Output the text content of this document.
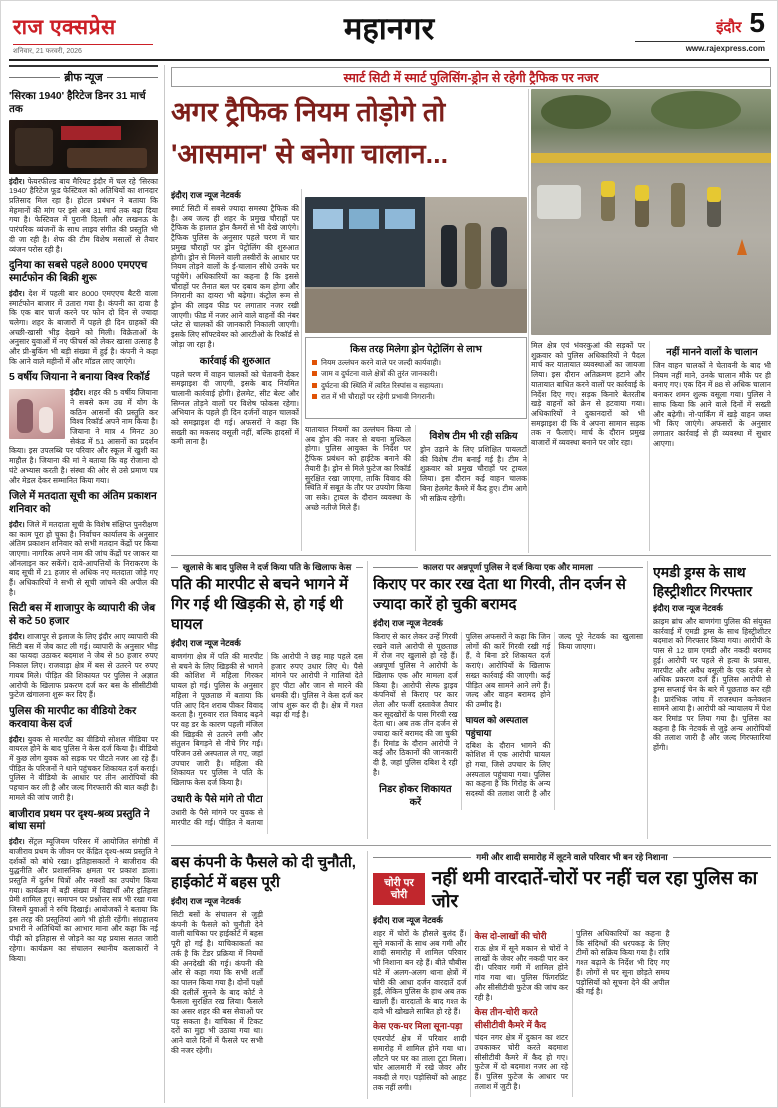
राज एक्सप्रेस
शनिवार, 21 फरवरी, 2026
महानगर	इंदौर 5
www.rajexpress.com
ब्रीफ न्यूज
'सिरका 1940' हैरिटेज डिनर 31 मार्च तक
इंदौर। फेयरफील्ड बाय मैरियट इंदौर में चल रहे 'सिरका 1940' हैरिटेज फूड फेस्टिवल को अतिथियों का शानदार प्रतिसाद मिल रहा है। होटल प्रबंधन ने बताया कि मेहमानों की मांग पर इसे अब 31 मार्च तक बढ़ा दिया गया है। फेस्टिवल में पुरानी दिल्ली और लखनऊ के पारंपरिक व्यंजनों के साथ लाइव संगीत की प्रस्तुति भी दी जा रही है। शेफ की टीम विशेष मसालों से तैयार व्यंजन परोस रही है।
दुनिया का सबसे पहले 8000 एमएएच स्मार्टफोन की बिक्री शुरू
इंदौर। देश में पहली बार 8000 एमएएच बैटरी वाला स्मार्टफोन बाजार में उतारा गया है। कंपनी का दावा है कि एक बार चार्ज करने पर फोन दो दिन से ज्यादा चलेगा। शहर के बाजारों में पहले ही दिन ग्राहकों की अच्छी-खासी भीड़ देखने को मिली। विक्रेताओं के अनुसार युवाओं में नए फीचर्स को लेकर खासा उत्साह है और प्री-बुकिंग भी बड़ी संख्या में हुई है। कंपनी ने कहा कि आने वाले महीनों में और मॉडल लाए जाएंगे।
5 वर्षीय जियाना ने बनाया विश्व रिकॉर्ड
इंदौर। शहर की 5 वर्षीय जियाना ने सबसे कम उम्र में योग के कठिन आसनों की प्रस्तुति कर विश्व रिकॉर्ड अपने नाम किया है। जियाना ने मात्र 4 मिनट 30 सेकंड में 51 आसनों का प्रदर्शन किया। इस उपलब्धि पर परिवार और स्कूल में खुशी का माहौल है। जियाना की मां ने बताया कि वह रोजाना दो घंटे अभ्यास करती है। संस्था की ओर से उसे प्रमाण पत्र और मेडल देकर सम्मानित किया गया।
जिले में मतदाता सूची का अंतिम प्रकाशन शनिवार को
इंदौर। जिले में मतदाता सूची के विशेष संक्षिप्त पुनरीक्षण का काम पूरा हो चुका है। निर्वाचन कार्यालय के अनुसार अंतिम प्रकाशन शनिवार को सभी मतदान केंद्रों पर किया जाएगा। नागरिक अपने नाम की जांच केंद्रों पर जाकर या ऑनलाइन कर सकेंगे। दावे-आपत्तियों के निराकरण के बाद सूची में 21 हजार से अधिक नए मतदाता जोड़े गए हैं। अधिकारियों ने सभी से सूची जांचने की अपील की है।
सिटी बस में शाजापुर के व्यापारी की जेब से कटे 50 हजार
इंदौर। शाजापुर से इलाज के लिए इंदौर आए व्यापारी की सिटी बस में जेब काट ली गई। व्यापारी के अनुसार भीड़ का फायदा उठाकर बदमाश ने जेब से 50 हजार रुपए निकाल लिए। राजवाड़ा क्षेत्र में बस से उतरने पर रुपए गायब मिले। पीड़ित की शिकायत पर पुलिस ने अज्ञात आरोपी के खिलाफ प्रकरण दर्ज कर बस के सीसीटीवी फुटेज खंगालना शुरू कर दिए हैं।
पुलिस की मारपीट का वीडियो टेकर करवाया केस दर्ज
इंदौर। युवक से मारपीट का वीडियो सोशल मीडिया पर वायरल होने के बाद पुलिस ने केस दर्ज किया है। वीडियो में कुछ लोग युवक को सड़क पर पीटते नजर आ रहे हैं। पीड़ित के परिजनों ने थाने पहुंचकर शिकायत दर्ज कराई। पुलिस ने वीडियो के आधार पर तीन आरोपियों की पहचान कर ली है और जल्द गिरफ्तारी की बात कही है। मामले की जांच जारी है।
बाजीराव प्रथम पर दृश्य-श्रव्य प्रस्तुति ने बांधा समां
इंदौर। सेंट्रल म्यूजियम परिसर में आयोजित संगोष्ठी में बाजीराव प्रथम के जीवन पर केंद्रित दृश्य-श्रव्य प्रस्तुति ने दर्शकों को बांधे रखा। इतिहासकारों ने बाजीराव की युद्धनीति और प्रशासनिक क्षमता पर प्रकाश डाला। प्रस्तुति में दुर्लभ चित्रों और नक्शों का उपयोग किया गया। कार्यक्रम में बड़ी संख्या में विद्यार्थी और इतिहास प्रेमी शामिल हुए। समापन पर प्रश्नोत्तर सत्र भी रखा गया जिसमें युवाओं ने रुचि दिखाई। आयोजकों ने बताया कि इस तरह की प्रस्तुतियां आगे भी होती रहेंगी। संग्रहालय प्रभारी ने अतिथियों का आभार माना और कहा कि नई पीढ़ी को इतिहास से जोड़ने का यह प्रयास सतत जारी रहेगा। कार्यक्रम का संचालन स्थानीय कलाकारों ने किया।
स्मार्ट सिटी में स्मार्ट पुलिसिंग-ड्रोन से रहेगी ट्रैफिक पर नजर
अगर ट्रैफिक नियम तोड़ोगे तो 'आसमान' से बनेगा चालान...
इंदौर| राज न्यूज नेटवर्क
स्मार्ट सिटी में सबसे ज्यादा समस्या ट्रैफिक की है। अब जल्द ही शहर के प्रमुख चौराहों पर ट्रैफिक के हालात ड्रोन कैमरों से भी देखे जाएंगे। ट्रैफिक पुलिस के अनुसार पहले चरण में चार प्रमुख चौराहों पर ड्रोन पेट्रोलिंग की शुरुआत होगी। ड्रोन से मिलने वाली तस्वीरों के आधार पर नियम तोड़ने वालों के ई-चालान सीधे उनके घर पहुंचेंगे। अधिकारियों का कहना है कि इससे चौराहों पर तैनात बल पर दबाव कम होगा और निगरानी का दायरा भी बढ़ेगा। कंट्रोल रूम से ड्रोन की लाइव फीड पर लगातार नजर रखी जाएगी। फीड में नजर आने वाले वाहनों की नंबर प्लेट से चालकों की जानकारी निकाली जाएगी। इसके लिए सॉफ्टवेयर को आरटीओ के रिकॉर्ड से जोड़ा जा रहा है।
कार्रवाई की शुरुआत
पहले चरण में वाहन चालकों को चेतावनी देकर समझाइश दी जाएगी, इसके बाद नियमित चालानी कार्रवाई होगी। हेलमेट, सीट बेल्ट और सिग्नल तोड़ने वालों पर विशेष फोकस रहेगा। अभियान के पहले ही दिन दर्जनों वाहन चालकों को समझाइश दी गई। अफसरों ने कहा कि सख्ती का मकसद वसूली नहीं, बल्कि हादसों में कमी लाना है।
किस तरह मिलेगा ड्रोन पेट्रोलिंग से लाभ
नियम उल्लंघन करने वाले पर जल्दी कार्यवाही।
जाम व दुर्घटना वाले क्षेत्रों की तुरंत जानकारी।
दुर्घटना की स्थिति में त्वरित रिस्पांस व सहायता।
रात में भी चौराहों पर रहेगी प्रभावी निगरानी।
यातायात नियमों का उल्लंघन किया तो अब ड्रोन की नजर से बचना मुश्किल होगा। पुलिस आयुक्त के निर्देश पर ट्रैफिक प्रबंधन को हाईटेक बनाने की तैयारी है। ड्रोन से मिले फुटेज का रिकॉर्ड सुरक्षित रखा जाएगा, ताकि विवाद की स्थिति में सबूत के तौर पर उपयोग किया जा सके। ट्रायल के दौरान व्यवस्था के अच्छे नतीजे मिले हैं।
विशेष टीम भी रही सक्रिय
ड्रोन उड़ाने के लिए प्रशिक्षित पायलटों की विशेष टीम बनाई गई है। टीम ने शुक्रवार को प्रमुख चौराहों पर ट्रायल लिया। इस दौरान कई वाहन चालक बिना हेलमेट कैमरे में कैद हुए। टीम आगे भी सक्रिय रहेगी।
मिल क्षेत्र एवं भंवरकुआं की सड़कों पर शुक्रवार को पुलिस अधिकारियों ने पैदल मार्च कर यातायात व्यवस्थाओं का जायजा लिया। इस दौरान अतिक्रमण हटाने और यातायात बाधित करने वालों पर कार्रवाई के निर्देश दिए गए। सड़क किनारे बेतरतीब खड़े वाहनों को क्रेन से हटवाया गया। अधिकारियों ने दुकानदारों को भी समझाइश दी कि वे अपना सामान सड़क तक न फैलाएं। मार्च के दौरान प्रमुख बाजारों में व्यवस्था बनाने पर जोर रहा।
नहीं मानने वालों के चालान
जिन वाहन चालकों ने चेतावनी के बाद भी नियम नहीं माने, उनके चालान मौके पर ही बनाए गए। एक दिन में 88 से अधिक चालान बनाकर शमन शुल्क वसूला गया। पुलिस ने साफ किया कि आने वाले दिनों में सख्ती और बढ़ेगी। नो-पार्किंग में खड़े वाहन जब्त भी किए जाएंगे। अफसरों के अनुसार लगातार कार्रवाई से ही व्यवस्था में सुधार आएगा।
खुलासे के बाद पुलिस ने दर्ज किया पति के खिलाफ केस
पति की मारपीट से बचने भागने में गिर गई थी खिड़की से, हो गई थी घायल
इंदौर| राज न्यूज नेटवर्क
बाणगंगा क्षेत्र में पति की मारपीट से बचने के लिए खिड़की से भागने की कोशिश में महिला गिरकर घायल हो गई। पुलिस के अनुसार महिला ने पूछताछ में बताया कि पति आए दिन शराब पीकर विवाद करता है। गुरुवार रात विवाद बढ़ने पर वह डर के कारण पहली मंजिल की खिड़की से उतरने लगी और संतुलन बिगड़ने से नीचे गिर गई। परिजन उसे अस्पताल ले गए, जहां उपचार जारी है। महिला की शिकायत पर पुलिस ने पति के खिलाफ केस दर्ज किया है।
उधारी के पैसे मांगे तो पीटा
उधारी के पैसे मांगने पर युवक से मारपीट की गई। पीड़ित ने बताया कि आरोपी ने छह माह पहले दस हजार रुपए उधार लिए थे। पैसे मांगने पर आरोपी ने गालियां देते हुए पीटा और जान से मारने की धमकी दी। पुलिस ने केस दर्ज कर जांच शुरू कर दी है। क्षेत्र में गश्त बढ़ा दी गई है।
कालरा पर अन्नपूर्णा पुलिस ने दर्ज किया एक और मामला
किराए पर कार रख देता था गिरवी, तीन दर्जन से ज्यादा कारें हो चुकी बरामद
इंदौर| राज न्यूज नेटवर्क
किराए से कार लेकर उन्हें गिरवी रखने वाले आरोपी से पूछताछ में रोज नए खुलासे हो रहे हैं। अन्नपूर्णा पुलिस ने आरोपी के खिलाफ एक और मामला दर्ज किया है। आरोपी सेल्फ ड्राइव कंपनियों से किराए पर कार लेता और फर्जी दस्तावेज तैयार कर सूदखोरों के पास गिरवी रख देता था। अब तक तीन दर्जन से ज्यादा कारें बरामद की जा चुकी हैं। रिमांड के दौरान आरोपी ने कई और ठिकानों की जानकारी दी है, जहां पुलिस दबिश दे रही है।
निडर होकर शिकायत करें
पुलिस अफसरों ने कहा कि जिन लोगों की कारें गिरवी रखी गई हैं, वे बिना डरे शिकायत दर्ज कराएं। आरोपियों के खिलाफ सख्त कार्रवाई की जाएगी। कई पीड़ित अब सामने आने लगे हैं। जल्द और वाहन बरामद होने की उम्मीद है।
घायल को अस्पताल पहुंचाया
दबिश के दौरान भागने की कोशिश में एक आरोपी घायल हो गया, जिसे उपचार के लिए अस्पताल पहुंचाया गया। पुलिस का कहना है कि गिरोह के अन्य सदस्यों की तलाश जारी है और जल्द पूरे नेटवर्क का खुलासा किया जाएगा।
एमडी ड्रग्स के साथ हिस्ट्रीशीटर गिरफ्तार
इंदौर| राज न्यूज नेटवर्क
क्राइम ब्रांच और बाणगंगा पुलिस की संयुक्त कार्रवाई में एमडी ड्रग्स के साथ हिस्ट्रीशीटर बदमाश को गिरफ्तार किया गया। आरोपी के पास से 12 ग्राम एमडी और नकदी बरामद हुई। आरोपी पर पहले से हत्या के प्रयास, मारपीट और अवैध वसूली के एक दर्जन से अधिक प्रकरण दर्ज हैं। पुलिस आरोपी से ड्रग्स सप्लाई चेन के बारे में पूछताछ कर रही है। प्रारंभिक जांच में राजस्थान कनेक्शन सामने आया है। आरोपी को न्यायालय में पेश कर रिमांड पर लिया गया है। पुलिस का कहना है कि नेटवर्क से जुड़े अन्य आरोपियों की तलाश जारी है और जल्द गिरफ्तारियां होंगी।
बस कंपनी के फैसले को दी चुनौती, हाईकोर्ट में बहस पूरी
इंदौर| राज न्यूज नेटवर्क
सिटी बसों के संचालन से जुड़ी कंपनी के फैसले को चुनौती देने वाली याचिका पर हाईकोर्ट में बहस पूरी हो गई है। याचिकाकर्ता का तर्क है कि टेंडर प्रक्रिया में नियमों की अनदेखी की गई। कंपनी की ओर से कहा गया कि सभी शर्तों का पालन किया गया है। दोनों पक्षों की दलीलें सुनने के बाद कोर्ट ने फैसला सुरक्षित रख लिया। फैसले का असर शहर की बस सेवाओं पर पड़ सकता है। याचिका में टिकट दरों का मुद्दा भी उठाया गया था। आने वाले दिनों में फैसले पर सभी की नजर रहेगी।
गमी और शादी समारोह में लूटने वाले परिवार भी बन रहे निशाना
चोरी पर चोरी
नहीं थमी वारदातें-चोरों पर नहीं चल रहा पुलिस का जोर
इंदौर| राज न्यूज नेटवर्क
शहर में चोरों के हौसले बुलंद हैं। सूने मकानों के साथ अब गमी और शादी समारोह में शामिल परिवार भी निशाना बन रहे हैं। बीते चौबीस घंटे में अलग-अलग थाना क्षेत्रों में चोरी की आधा दर्जन वारदातें दर्ज हुईं, लेकिन पुलिस के हाथ अब तक खाली हैं। वारदातों के बाद गश्त के दावे भी खोखले साबित हो रहे हैं।
केस एक-घर मिला सूना-पड़ा
एयरपोर्ट क्षेत्र में परिवार शादी समारोह में शामिल होने गया था। लौटने पर घर का ताला टूटा मिला। चोर आलमारी में रखे जेवर और नकदी ले गए। पड़ोसियों को आहट तक नहीं लगी।
केस दो-लाखों की चोरी
राऊ क्षेत्र में सूने मकान से चोरों ने लाखों के जेवर और नकदी पार कर दी। परिवार गमी में शामिल होने गांव गया था। पुलिस फिंगरप्रिंट और सीसीटीवी फुटेज की जांच कर रही है।
केस तीन-चोरी करते सीसीटीवी कैमरे में कैद
चंदन नगर क्षेत्र में दुकान का शटर उचकाकर चोरी करते बदमाश सीसीटीवी कैमरे में कैद हो गए। फुटेज में दो बदमाश नजर आ रहे हैं। पुलिस फुटेज के आधार पर तलाश में जुटी है।
पुलिस अधिकारियों का कहना है कि संदिग्धों की धरपकड़ के लिए टीमों को सक्रिय किया गया है। रात्रि गश्त बढ़ाने के निर्देश भी दिए गए हैं। लोगों से घर सूना छोड़ते समय पड़ोसियों को सूचना देने की अपील की गई है।
